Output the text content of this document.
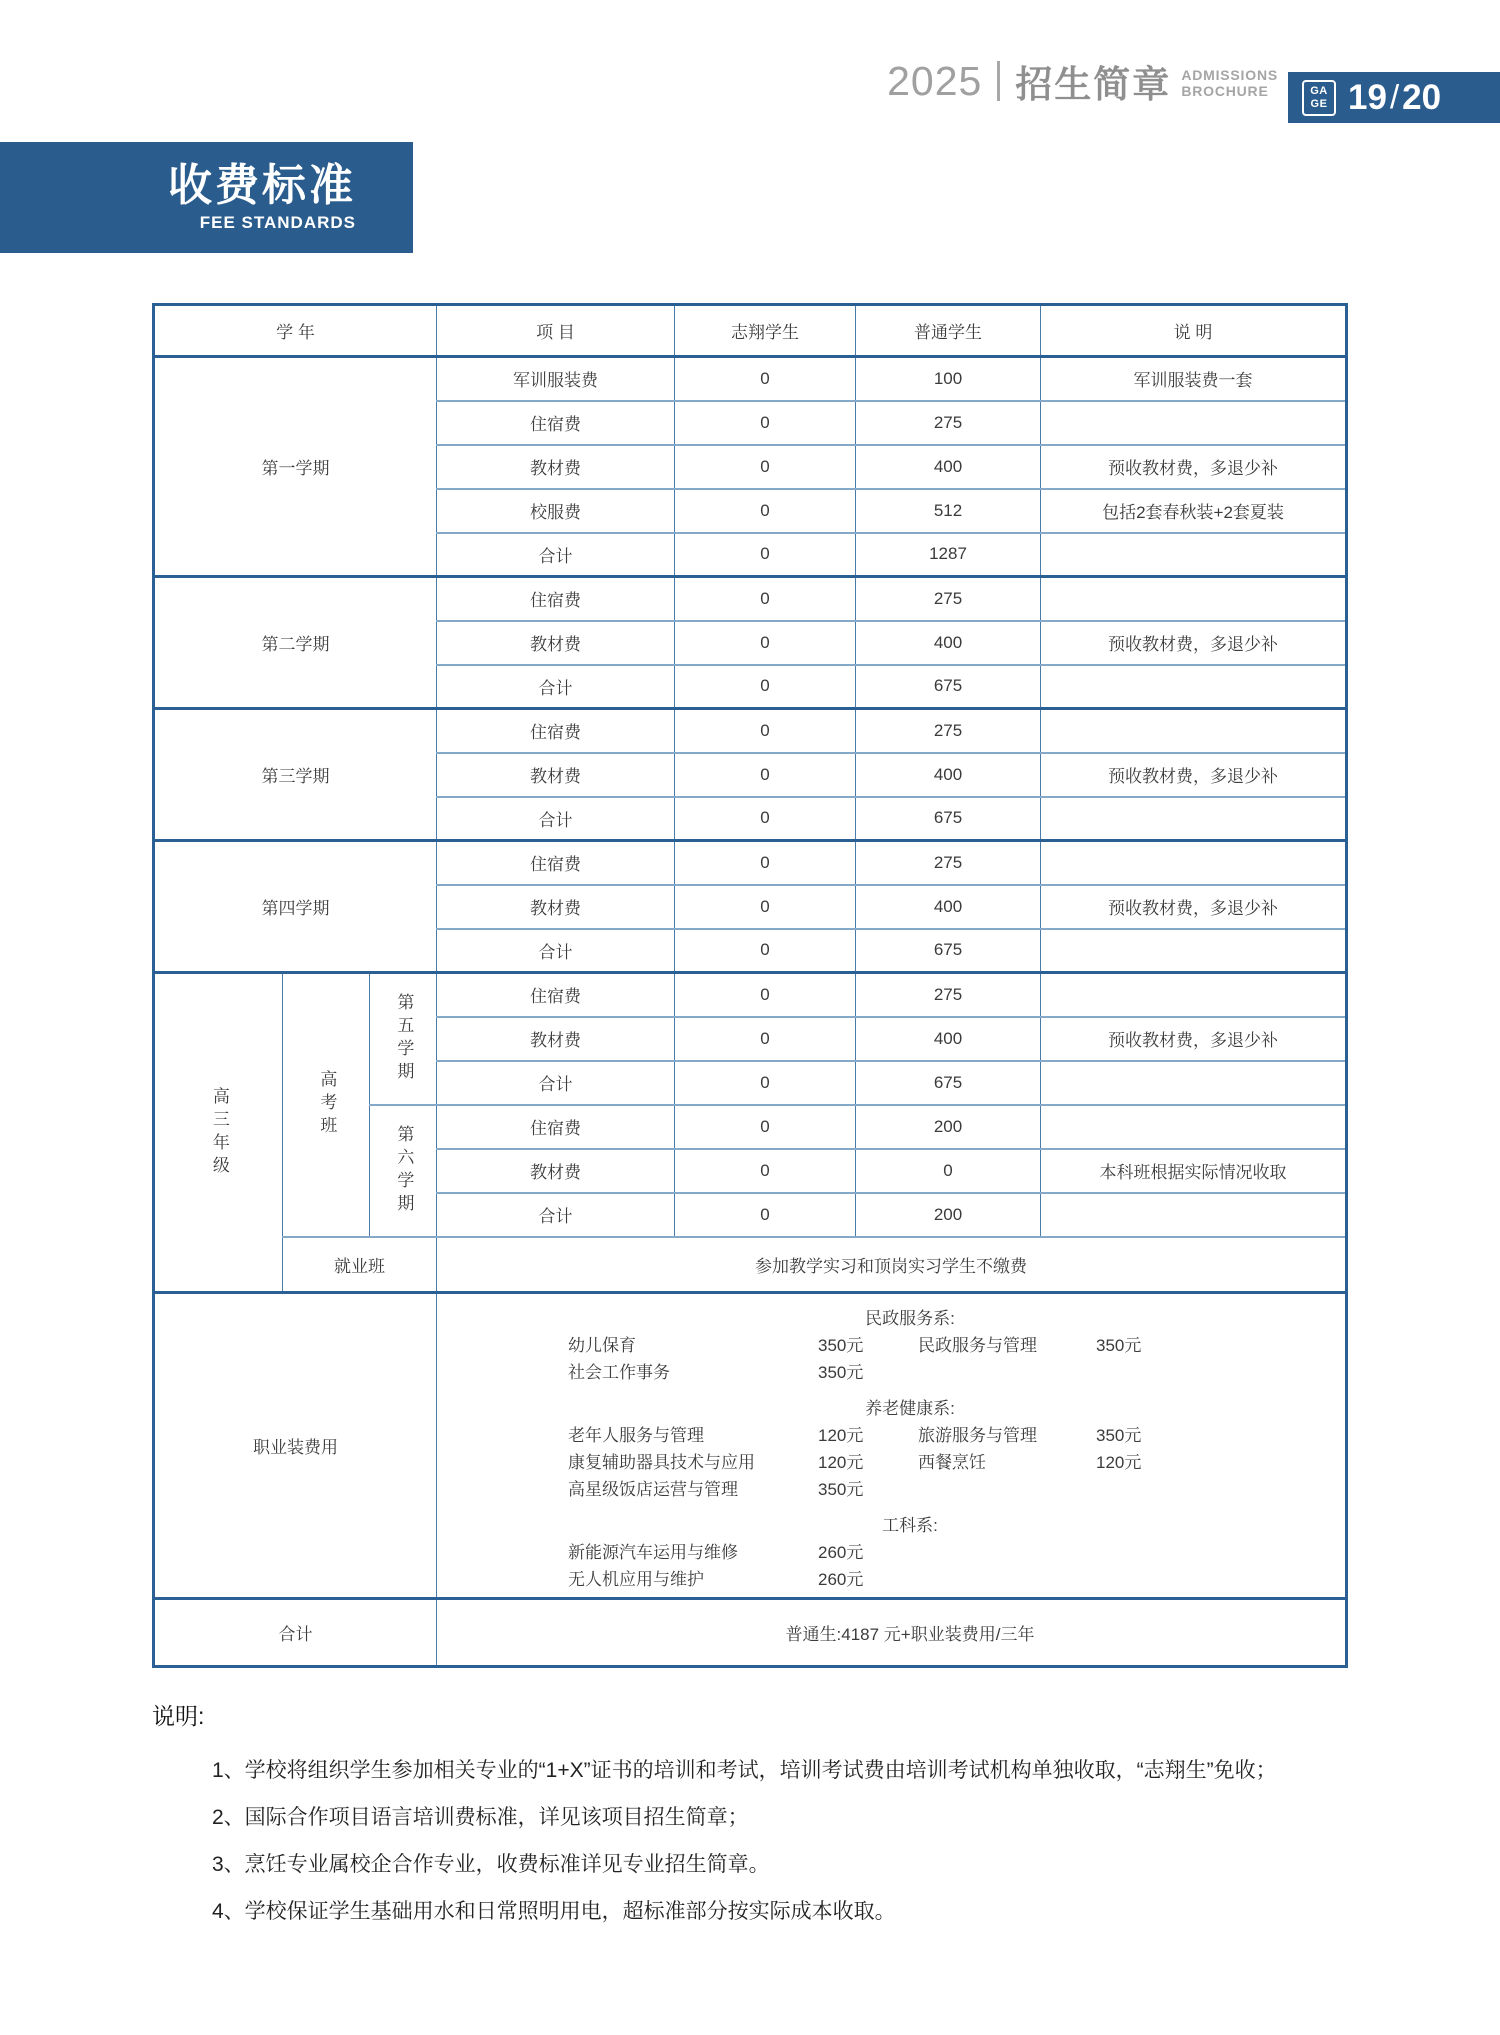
2025 招生简章 ADMISSIONS
BROCHURE	GA
GE 19 / 20
收费标准
FEE STANDARDS
学 年			项 目	志翔学生	普通学生	说 明
第一学期			军训服装费	0	100	军训服装费一套
			住宿费	0	275	
			教材费	0	400	预收教材费，多退少补
			校服费	0	512	包括2套春秋装+2套夏装
			合计	0	1287	
第二学期			住宿费	0	275	
			教材费	0	400	预收教材费，多退少补
			合计	0	675	
第三学期			住宿费	0	275	
			教材费	0	400	预收教材费，多退少补
			合计	0	675	
第四学期			住宿费	0	275	
			教材费	0	400	预收教材费，多退少补
			合计	0	675	

高三年级	高考班	第五学期	住宿费	0	275	
			教材费	0	400	预收教材费，多退少补
			合计	0	675	

		第六学期	住宿费	0	200	
			教材费	0	0	本科班根据实际情况收取
			合计	0	200	
	就业班		参加教学实习和顶岗实习学生不缴费			
职业装费用	
民政服务系:
幼儿保育	350元	民政服务与管理	350元
社会工作事务	350元
养老健康系:
老年人服务与管理	120元	旅游服务与管理	350元
康复辅助器具技术与应用	120元	西餐烹饪	120元
高星级饭店运营与管理	350元
工科系:
新能源汽车运用与维修	260元
无人机应用与维护	260元

合计			普通生:4187 元+职业装费用/三年			
说明:
1、学校将组织学生参加相关专业的“1+X”证书的培训和考试，培训考试费由培训考试机构单独收取，“志翔生”免收；
2、国际合作项目语言培训费标准，详见该项目招生简章；
3、烹饪专业属校企合作专业，收费标准详见专业招生简章。
4、学校保证学生基础用水和日常照明用电，超标准部分按实际成本收取。
